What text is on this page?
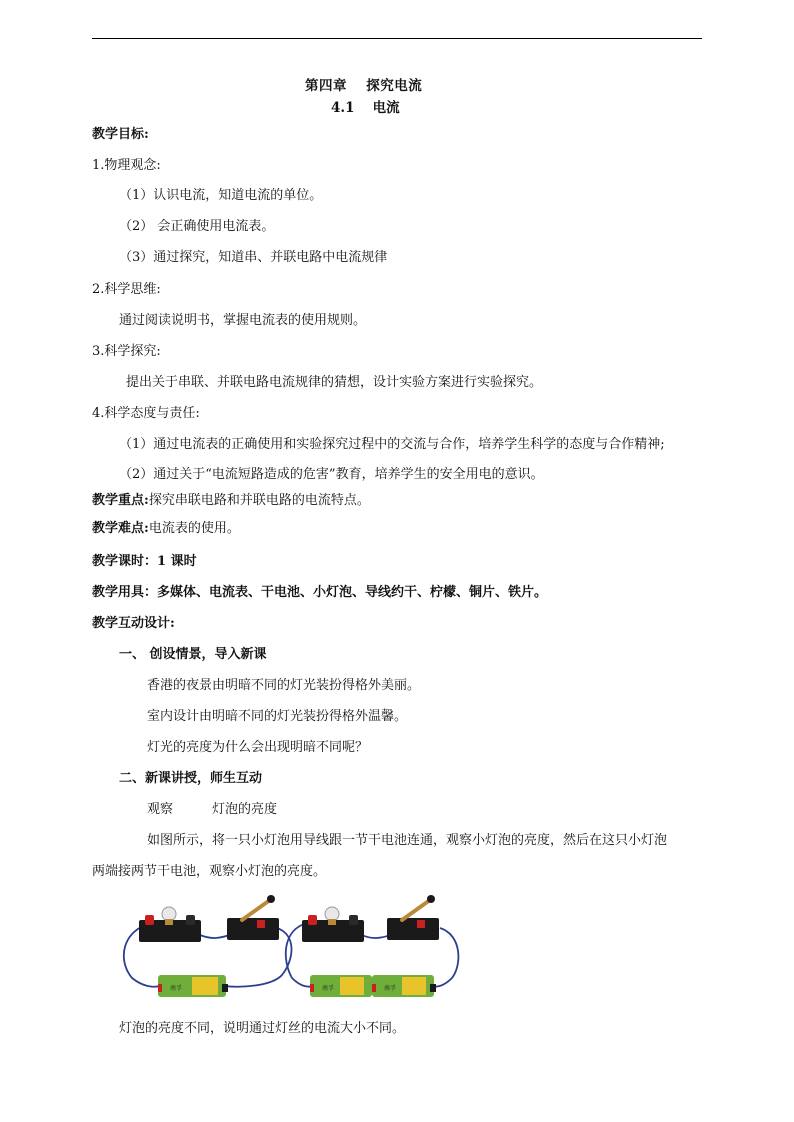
第四章　 探究电流
4.1　 电流
教学目标:
1.物理观念:
（1）认识电流，知道电流的单位。
（2） 会正确使用电流表。
（3）通过探究，知道串、并联电路中电流规律
2.科学思维:
通过阅读说明书，掌握电流表的使用规则。
3.科学探究:
提出关于串联、并联电路电流规律的猜想，设计实验方案进行实验探究。
4.科学态度与责任:
（1）通过电流表的正确使用和实验探究过程中的交流与合作，培养学生科学的态度与合作精神;
（2）通过关于“电流短路造成的危害”教育，培养学生的安全用电的意识。
教学重点:探究串联电路和并联电路的电流特点。
教学难点:电流表的使用。
教学课时：1 课时
教学用具：多媒体、电流表、干电池、小灯泡、导线约干、柠檬、铜片、铁片。
教学互动设计:
一、 创设情景，导入新课
香港的夜景由明暗不同的灯光装扮得格外美丽。
室内设计由明暗不同的灯光装扮得格外温馨。
灯光的亮度为什么会出现明暗不同呢？
二、新课讲授，师生互动
观察　　　灯泡的亮度
如图所示，将一只小灯泡用导线跟一节干电池连通，观察小灯泡的亮度，然后在这只小灯泡
两端接两节干电池，观察小灯泡的亮度。
南孚	南孚	南孚
灯泡的亮度不同，说明通过灯丝的电流大小不同。
